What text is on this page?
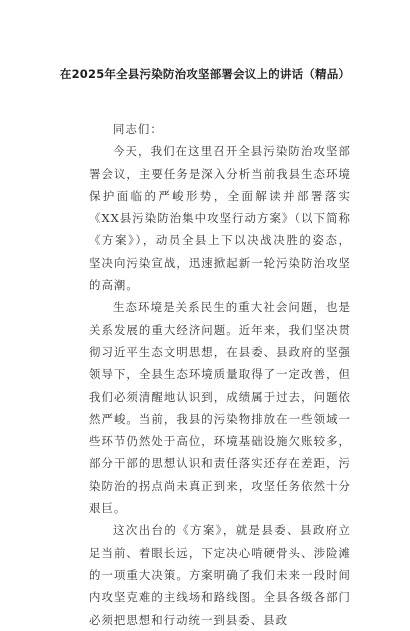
在2025年全县污染防治攻坚部署会议上的讲话（精品）

同志们：

今天，我们在这里召开全县污染防治攻坚部署会议，主要任务是深入分析当前我县生态环境保护面临的严峻形势，全面解读并部署落实《XX县污染防治集中攻坚行动方案》（以下简称《方案》），动员全县上下以决战决胜的姿态，坚决向污染宣战，迅速掀起新一轮污染防治攻坚的高潮。

生态环境是关系民生的重大社会问题，也是关系发展的重大经济问题。近年来，我们坚决贯彻习近平生态文明思想，在县委、县政府的坚强领导下，全县生态环境质量取得了一定改善，但我们必须清醒地认识到，成绩属于过去，问题依然严峻。当前，我县的污染物排放在一些领域一些环节仍然处于高位，环境基础设施欠账较多，部分干部的思想认识和责任落实还存在差距，污染防治的拐点尚未真正到来，攻坚任务依然十分艰巨。

这次出台的《方案》，就是县委、县政府立足当前、着眼长远，下定决心啃硬骨头、涉险滩的一项重大决策。方案明确了我们未来一段时间内攻坚克难的主线场和路线图。全县各级各部门必须把思想和行动统一到县委、县政
